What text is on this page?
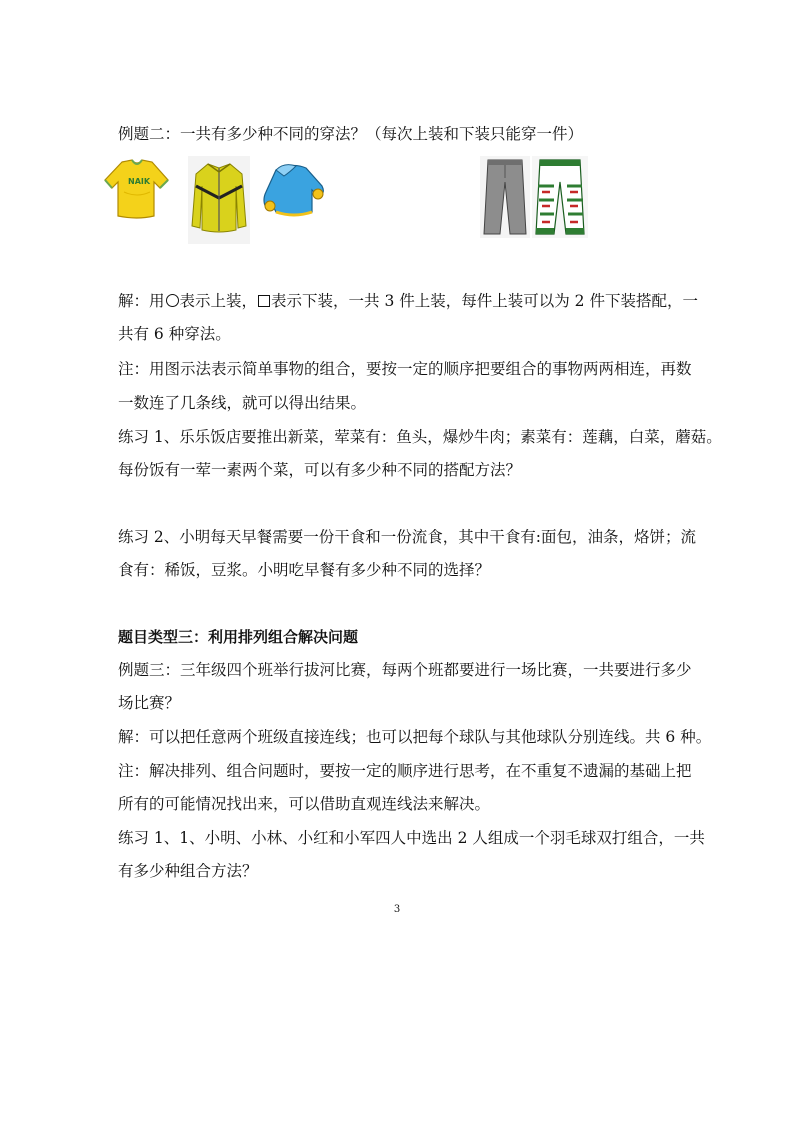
例题二：一共有多少种不同的穿法？（每次上装和下装只能穿一件）
NAIK
解：用 表示上装， 表示下装，一共 3 件上装，每件上装可以为 2 件下装搭配，一
共有 6 种穿法。
注：用图示法表示简单事物的组合，要按一定的顺序把要组合的事物两两相连，再数
一数连了几条线，就可以得出结果。
练习 1、乐乐饭店要推出新菜，荤菜有：鱼头，爆炒牛肉；素菜有：莲藕，白菜，蘑菇。
每份饭有一荤一素两个菜，可以有多少种不同的搭配方法？
练习 2、小明每天早餐需要一份干食和一份流食，其中干食有:面包，油条，烙饼；流
食有：稀饭，豆浆。小明吃早餐有多少种不同的选择？
题目类型三：利用排列组合解决问题
例题三：三年级四个班举行拔河比赛，每两个班都要进行一场比赛，一共要进行多少
场比赛？
解：可以把任意两个班级直接连线；也可以把每个球队与其他球队分别连线。共 6 种。
注：解决排列、组合问题时，要按一定的顺序进行思考，在不重复不遗漏的基础上把
所有的可能情况找出来，可以借助直观连线法来解决。
练习 1、1、小明、小林、小红和小军四人中选出 2 人组成一个羽毛球双打组合，一共
有多少种组合方法？
3
